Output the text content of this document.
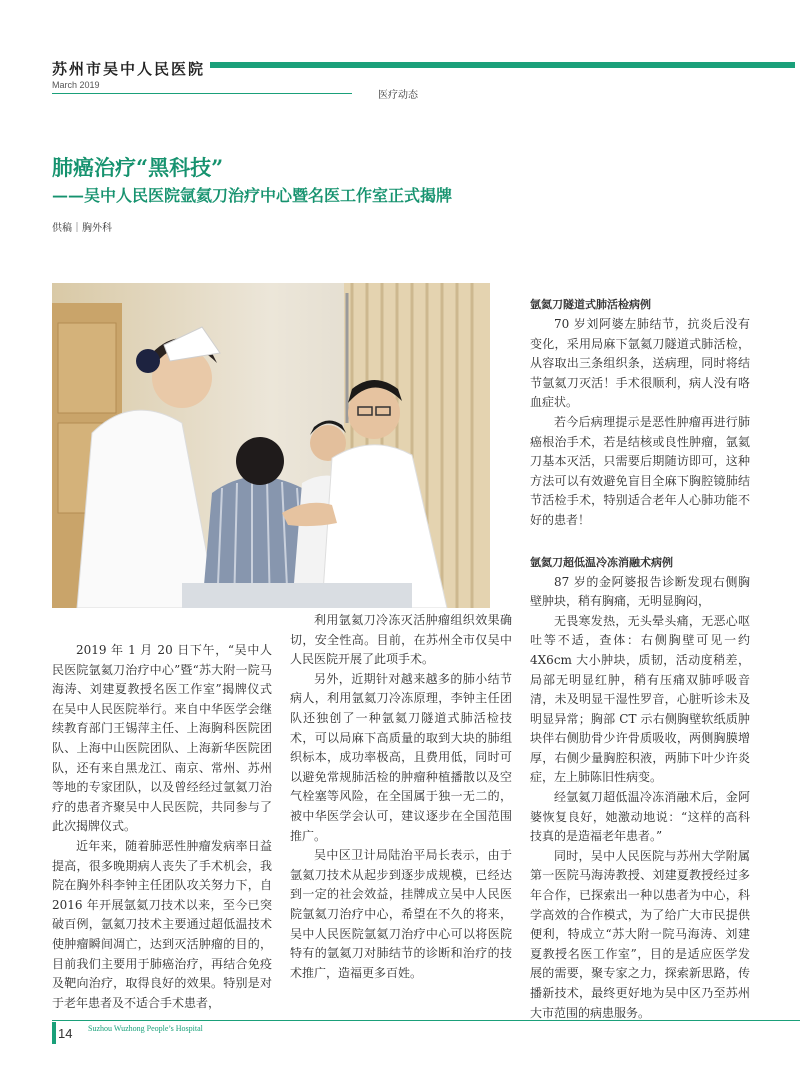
苏州市吴中人民医院
March 2019
医疗动态
肺癌治疗“黑科技”
——吴中人民医院氩氦刀治疗中心暨名医工作室正式揭牌
供稿｜胸外科

2019 年 1 月 20 日下午，“吴中人民医院氩氦刀治疗中心”暨“苏大附一院马海涛、刘建夏教授名医工作室”揭牌仪式在吴中人民医院举行。来自中华医学会继续教育部门王锡萍主任、上海胸科医院团队、上海中山医院团队、上海新华医院团队，还有来自黑龙江、南京、常州、苏州等地的专家团队，以及曾经经过氩氦刀治疗的患者齐聚吴中人民医院，共同参与了此次揭牌仪式。

近年来，随着肺恶性肿瘤发病率日益提高，很多晚期病人丧失了手术机会，我院在胸外科李钟主任团队攻关努力下，自 2016 年开展氩氦刀技术以来，至今已突破百例，氩氦刀技术主要通过超低温技术使肿瘤瞬间凋亡，达到灭活肿瘤的目的，目前我们主要用于肺癌治疗，再结合免疫及靶向治疗，取得良好的效果。特别是对于老年患者及不适合手术患者，

利用氩氦刀冷冻灭活肿瘤组织效果确切，安全性高。目前，在苏州全市仅吴中人民医院开展了此项手术。

另外，近期针对越来越多的肺小结节病人，利用氩氦刀冷冻原理，李钟主任团队还独创了一种氩氦刀隧道式肺活检技术，可以局麻下高质量的取到大块的肺组织标本，成功率极高，且费用低，同时可以避免常规肺活检的肿瘤种植播散以及空气栓塞等风险，在全国属于独一无二的，被中华医学会认可，建议逐步在全国范围推广。

吴中区卫计局陆治平局长表示，由于氩氦刀技术从起步到逐步成规模，已经达到一定的社会效益，挂牌成立吴中人民医院氩氦刀治疗中心，希望在不久的将来，吴中人民医院氩氦刀治疗中心可以将医院特有的氩氦刀对肺结节的诊断和治疗的技术推广，造福更多百姓。

氩氦刀隧道式肺活检病例

70 岁刘阿婆左肺结节，抗炎后没有变化，采用局麻下氩氦刀隧道式肺活检，从容取出三条组织条，送病理，同时将结节氩氦刀灭活！手术很顺利，病人没有咯血症状。

若今后病理提示是恶性肿瘤再进行肺癌根治手术，若是结核或良性肿瘤，氩氦刀基本灭活，只需要后期随访即可，这种方法可以有效避免盲目全麻下胸腔镜肺结节活检手术，特别适合老年人心肺功能不好的患者！

氩氦刀超低温冷冻消融术病例

87 岁的金阿婆报告诊断发现右侧胸壁肿块，稍有胸痛，无明显胸闷，

无畏寒发热，无头晕头痛，无恶心呕吐等不适，查体：右侧胸壁可见一约 4X6cm 大小肿块，质韧，活动度稍差，局部无明显红肿，稍有压痛双肺呼吸音清，未及明显干湿性罗音，心脏听诊未及明显异常；胸部 CT 示右侧胸壁软纸质肿块伴右侧肋骨少许骨质吸收，两侧胸膜增厚，右侧少量胸腔积液，两肺下叶少许炎症，左上肺陈旧性病变。

经氩氦刀超低温冷冻消融术后，金阿婆恢复良好，她激动地说：“这样的高科技真的是造福老年患者。”

同时，吴中人民医院与苏州大学附属第一医院马海涛教授、刘建夏教授经过多年合作，已探索出一种以患者为中心，科学高效的合作模式，为了给广大市民提供便利，特成立“苏大附一院马海涛、刘建夏教授名医工作室”，目的是适应医学发展的需要，聚专家之力，探索新思路，传播新技术，最终更好地为吴中区乃至苏州大市范围的病患服务。

14 Suzhou Wuzhong People’s Hospital
